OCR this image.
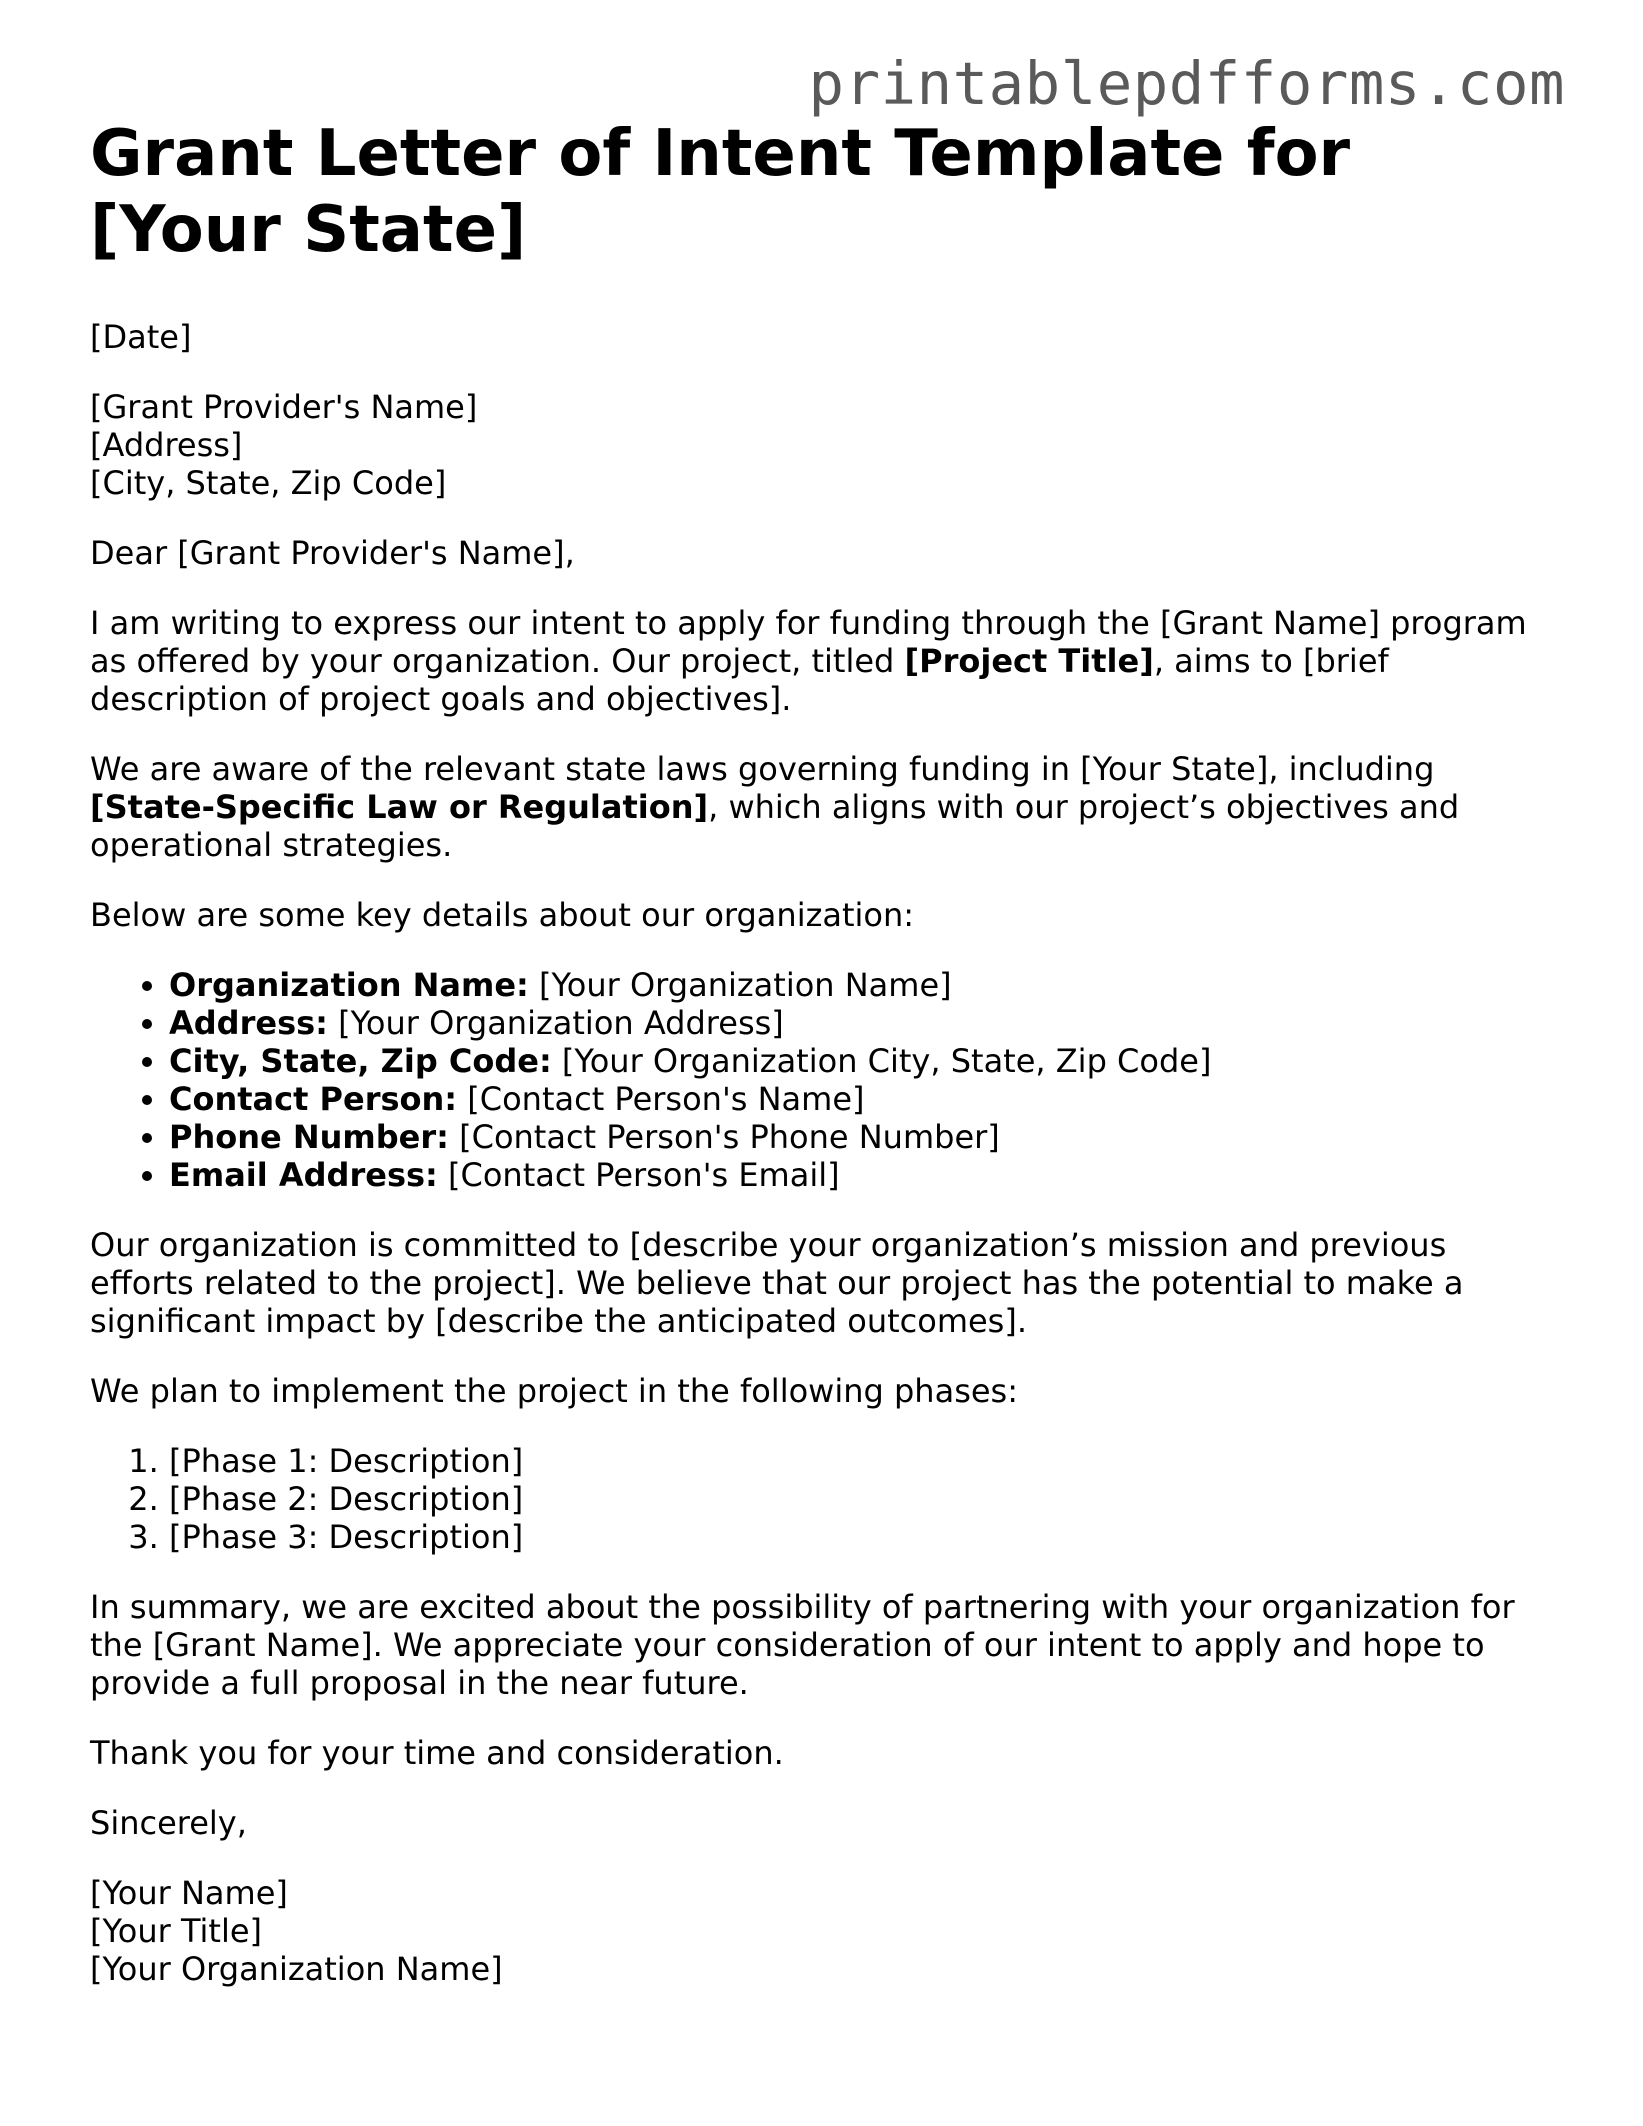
printablepdfforms.com
Grant Letter of Intent Template for [Your State]

[Date]

[Grant Provider's Name]
[Address]
[City, State, Zip Code]

Dear [Grant Provider's Name],

I am writing to express our intent to apply for funding through the [Grant Name] program as offered by your organization. Our project, titled [Project Title], aims to [brief description of project goals and objectives].

We are aware of the relevant state laws governing funding in [Your State], including [State-Specific Law or Regulation], which aligns with our project’s objectives and operational strategies.

Below are some key details about our organization:

• Organization Name: [Your Organization Name]
• Address: [Your Organization Address]
• City, State, Zip Code: [Your Organization City, State, Zip Code]
• Contact Person: [Contact Person's Name]
• Phone Number: [Contact Person's Phone Number]
• Email Address: [Contact Person's Email]

Our organization is committed to [describe your organization’s mission and previous efforts related to the project]. We believe that our project has the potential to make a significant impact by [describe the anticipated outcomes].

We plan to implement the project in the following phases:

1. [Phase 1: Description]
2. [Phase 2: Description]
3. [Phase 3: Description]

In summary, we are excited about the possibility of partnering with your organization for the [Grant Name]. We appreciate your consideration of our intent to apply and hope to provide a full proposal in the near future.

Thank you for your time and consideration.

Sincerely,

[Your Name]
[Your Title]
[Your Organization Name]
